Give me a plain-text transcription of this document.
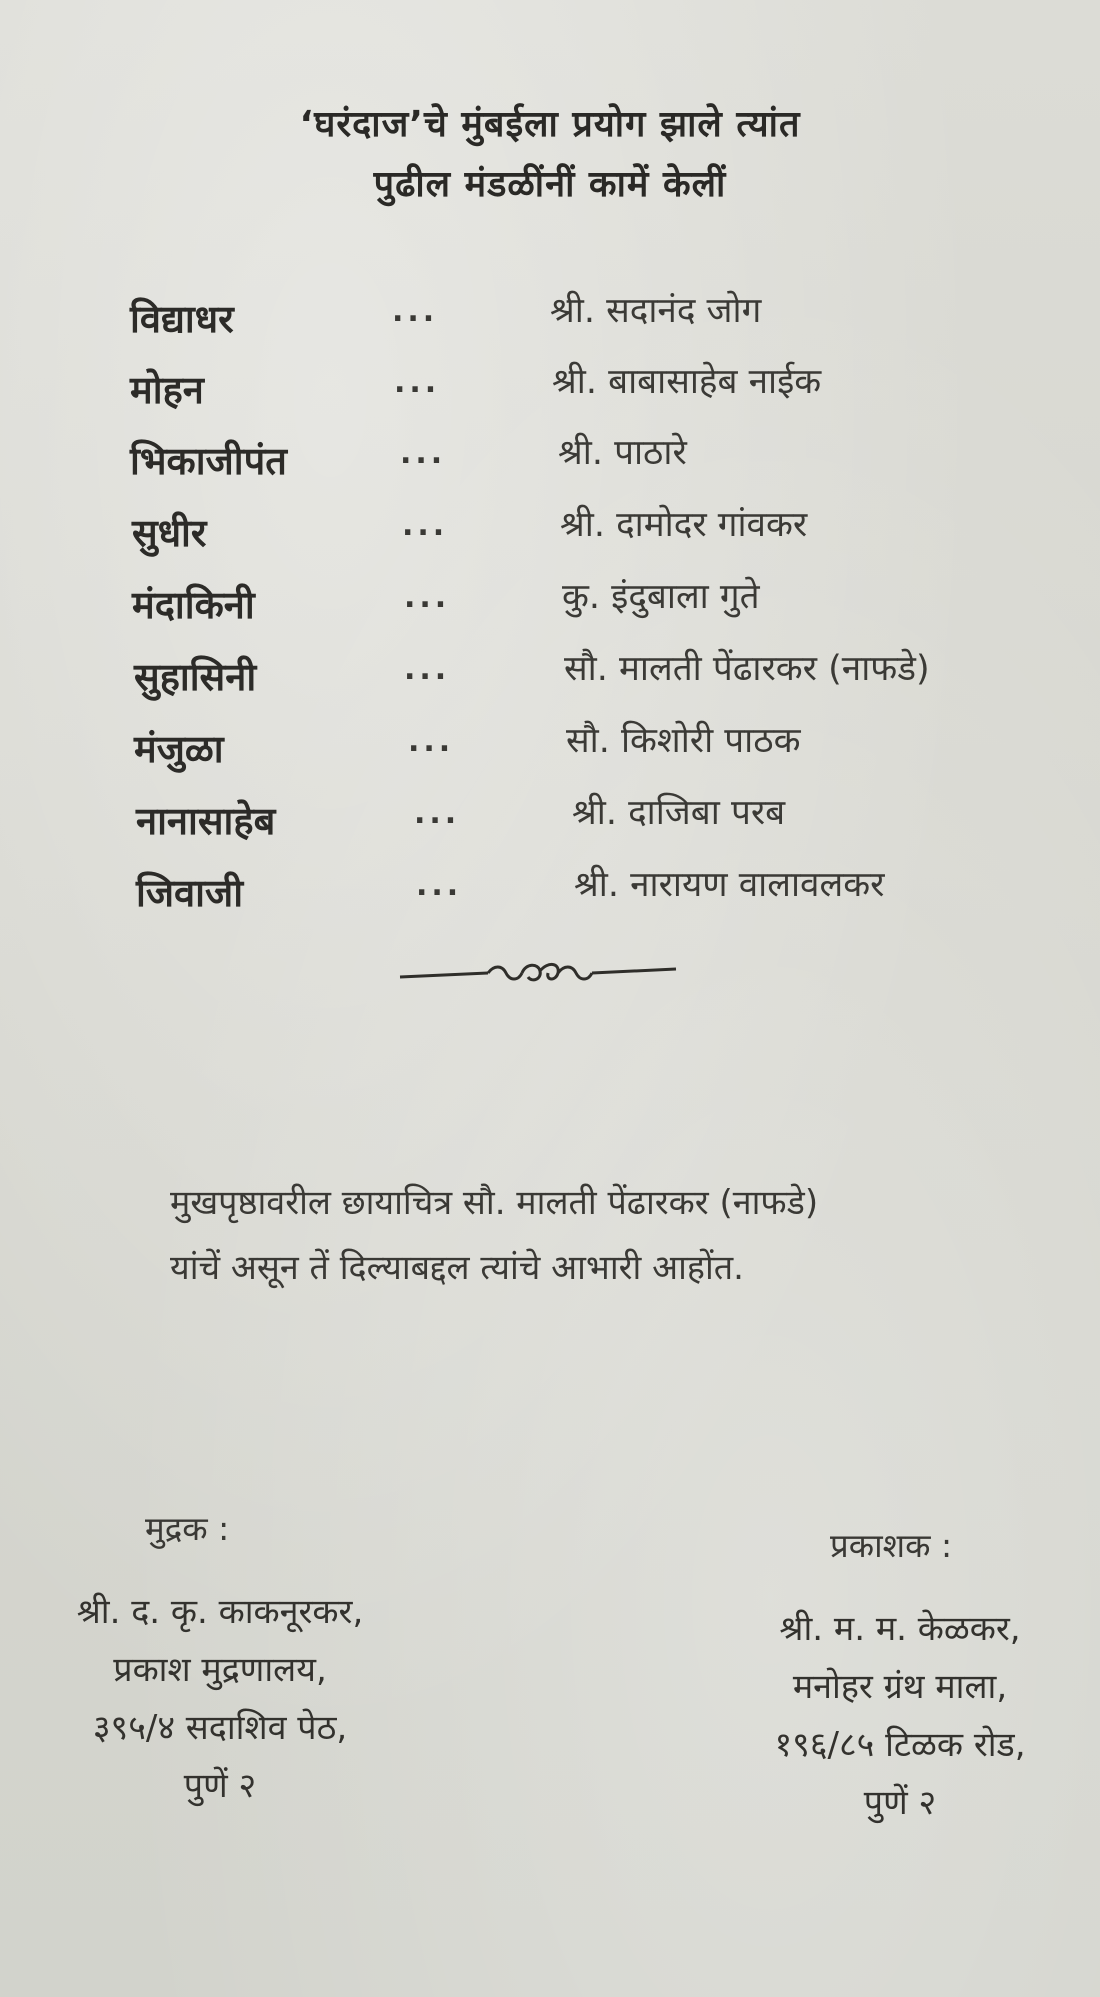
‘घरंदाज’चे मुंबईला प्रयोग झाले त्यांत
पुढील मंडळींनीं कामें केलीं
विद्याधर	...	श्री. सदानंद जोग
मोहन	...	श्री. बाबासाहेब नाईक
भिकाजीपंत	...	श्री. पाठारे
सुधीर	...	श्री. दामोदर गांवकर
मंदाकिनी	...	कु. इंदुबाला गुते
सुहासिनी	...	सौ. मालती पेंढारकर (नाफडे)
मंजुळा	...	सौ. किशोरी पाठक
नानासाहेब	...	श्री. दाजिबा परब
जिवाजी	...	श्री. नारायण वालावलकर
मुखपृष्ठावरील छायाचित्र सौ. मालती पेंढारकर (नाफडे)
यांचें असून तें दिल्याबद्दल त्यांचे आभारी आहोंत.
मुद्रक :
श्री. द. कृ. काकनूरकर,
प्रकाश मुद्रणालय,
३९५/४ सदाशिव पेठ,
पुणें २
प्रकाशक :
श्री. म. म. केळकर,
मनोहर ग्रंथ माला,
१९६/८५ टिळक रोड,
पुणें २
